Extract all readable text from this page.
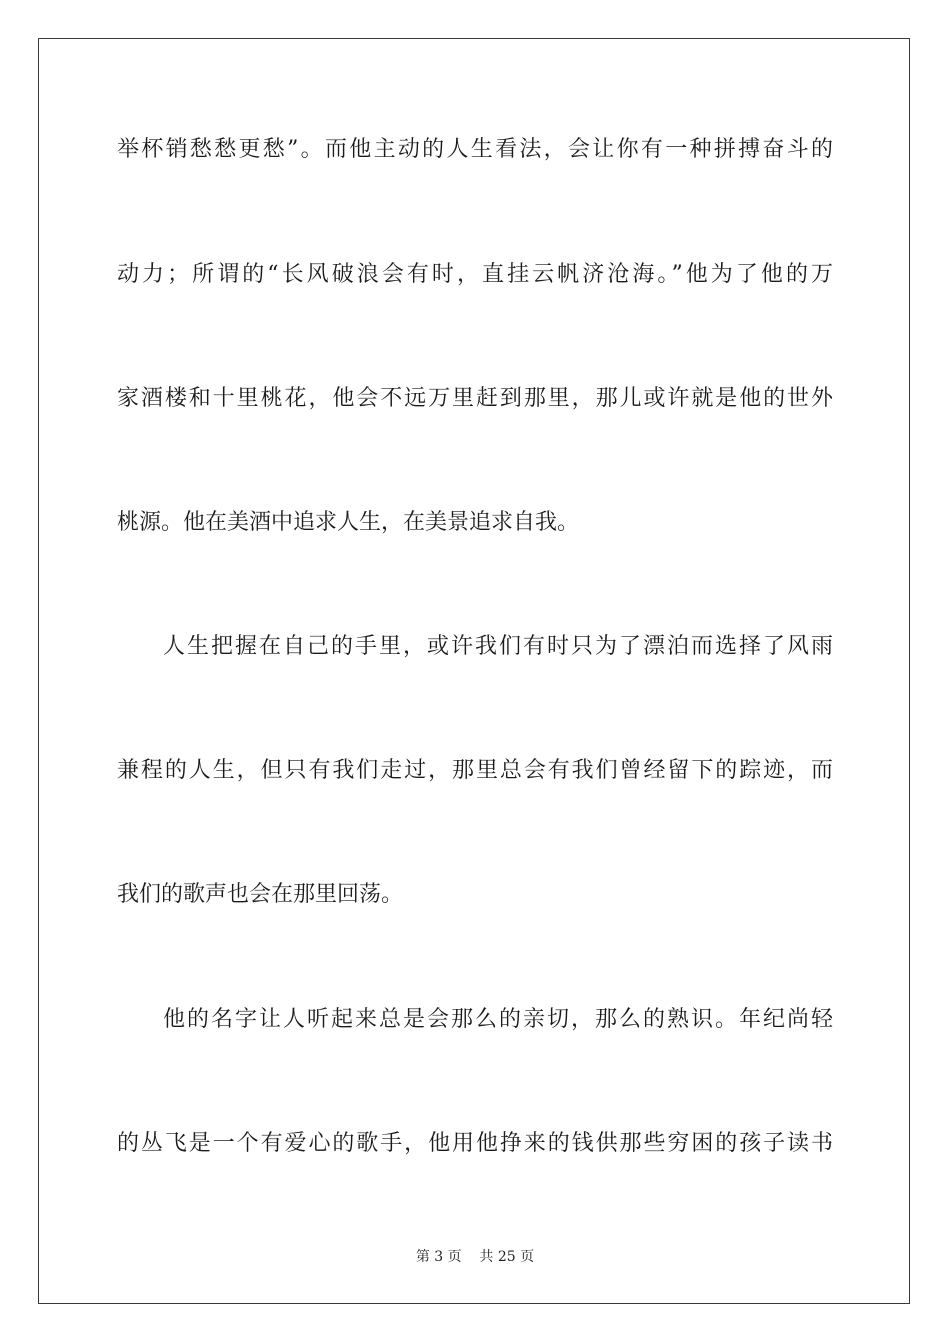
举杯销愁愁更愁”。而他主动的人生看法，会让你有一种拼搏奋斗的
动力；所谓的“长风破浪会有时，直挂云帆济沧海。”他为了他的万
家酒楼和十里桃花，他会不远万里赶到那里，那儿或许就是他的世外
桃源。他在美酒中追求人生，在美景追求自我。
人生把握在自己的手里，或许我们有时只为了漂泊而选择了风雨
兼程的人生，但只有我们走过，那里总会有我们曾经留下的踪迹，而
我们的歌声也会在那里回荡。
他的名字让人听起来总是会那么的亲切，那么的熟识。年纪尚轻
的丛飞是一个有爱心的歌手，他用他挣来的钱供那些穷困的孩子读书
第 3 页    共 25 页
